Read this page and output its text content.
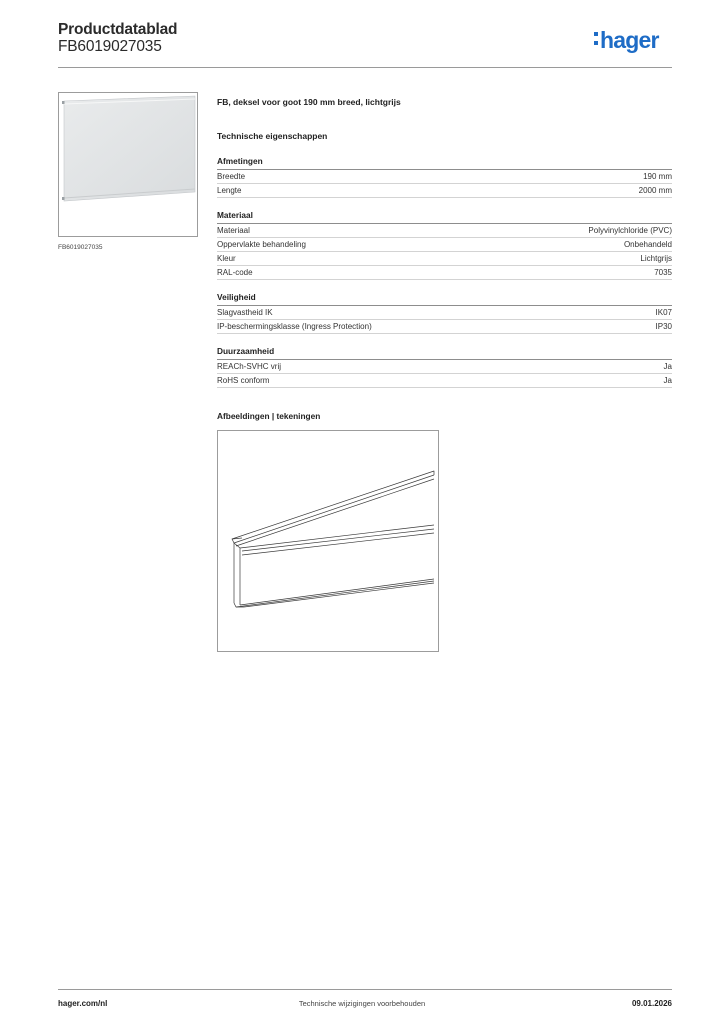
Productdatablad
FB6019027035	hager
FB6019027035
FB, deksel voor goot 190 mm breed, lichtgrijs
Technische eigenschappen
Afmetingen
Breedte	190 mm
Lengte	2000 mm
Materiaal
Materiaal	Polyvinylchloride (PVC)
Oppervlakte behandeling	Onbehandeld
Kleur	Lichtgrijs
RAL-code	7035
Veiligheid
Slagvastheid IK	IK07
IP-beschermingsklasse (Ingress Protection)	IP30
Duurzaamheid
REACh-SVHC vrij	Ja
RoHS conform	Ja
Afbeeldingen | tekeningen
hager.com/nl	Technische wijzigingen voorbehouden	09.01.2026
